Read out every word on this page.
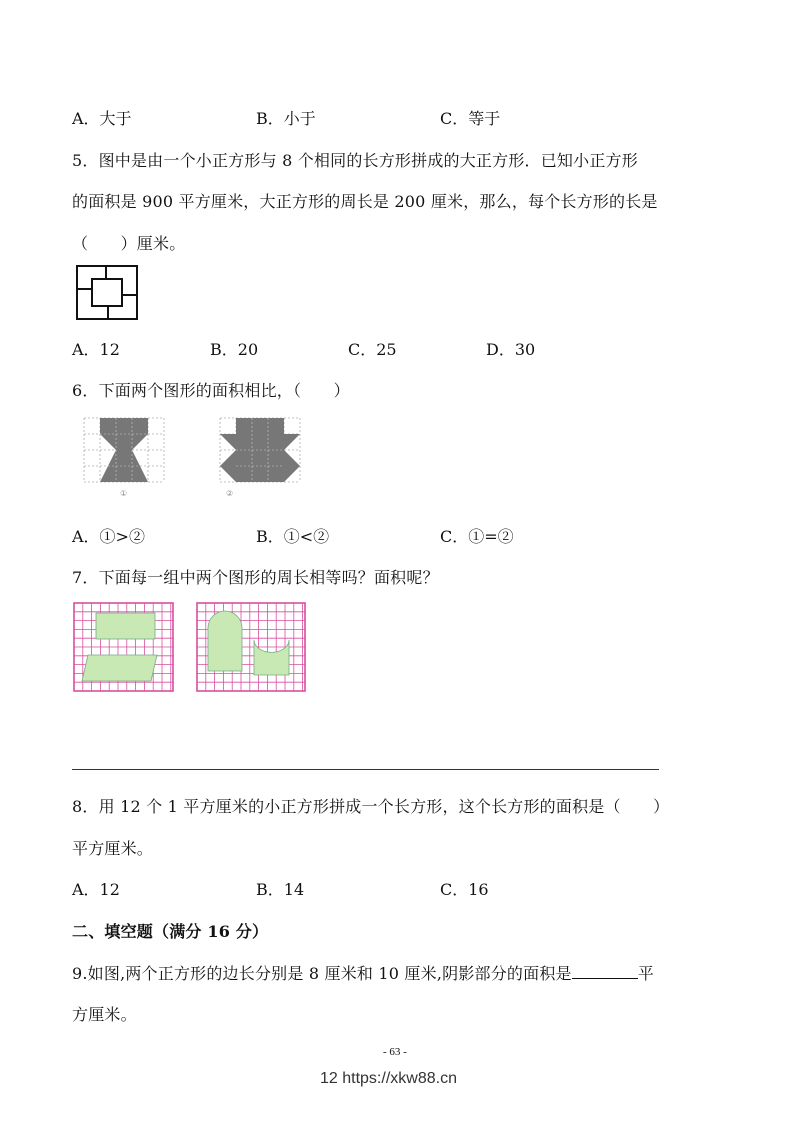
A．大于	B．小于	C．等于
5．图中是由一个小正方形与 8 个相同的长方形拼成的大正方形．已知小正方形
的面积是 900 平方厘米，大正方形的周长是 200 厘米，那么，每个长方形的长是
（　　）厘米。
A．12	B．20	C．25	D．30
6．下面两个图形的面积相比，（　　）
①	②
A．①>②	B．①<②	C．①=②
7．下面每一组中两个图形的周长相等吗？面积呢？
8．用 12 个 1 平方厘米的小正方形拼成一个长方形，这个长方形的面积是（　　）
平方厘米。
A．12	B．14	C．16
二、填空题（满分 16 分）
9.如图,两个正方形的边长分别是 8 厘米和 10 厘米,阴影部分的面积是	平
方厘米。
- 63 -
12 https://xkw88.cn
